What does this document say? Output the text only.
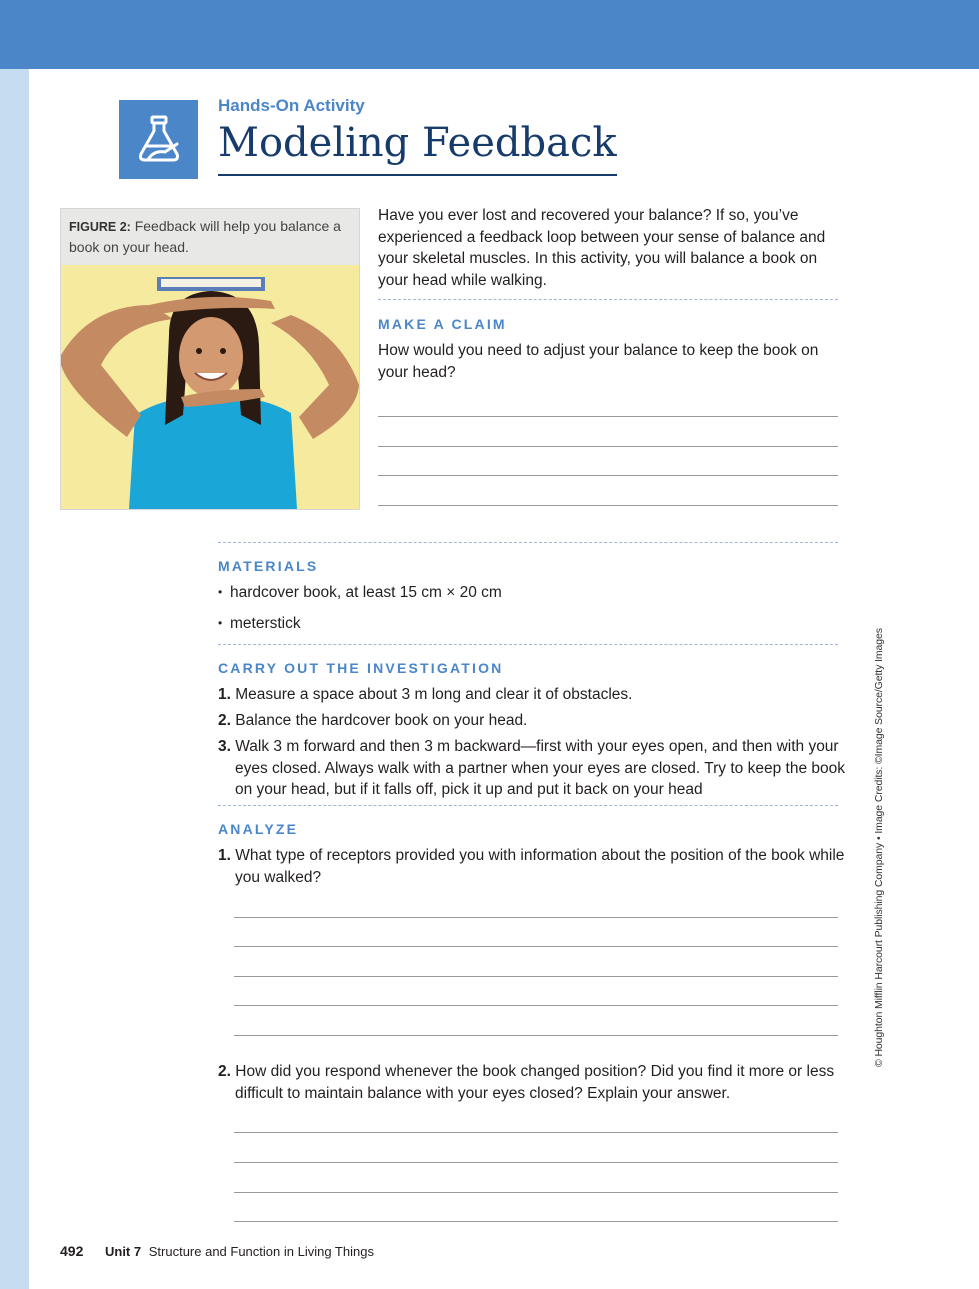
Hands-On Activity
Modeling Feedback
FIGURE 2: Feedback will help you balance a book on your head.
Have you ever lost and recovered your balance? If so, you’ve experienced a feedback loop between your sense of balance and your skeletal muscles. In this activity, you will balance a book on your head while walking.
MAKE A CLAIM
How would you need to adjust your balance to keep the book on your head?
MATERIALS
• hardcover book, at least 15 cm × 20 cm
• meterstick
CARRY OUT THE INVESTIGATION
1. Measure a space about 3 m long and clear it of obstacles.
2. Balance the hardcover book on your head.
3. Walk 3 m forward and then 3 m backward—first with your eyes open, and then with your eyes closed. Always walk with a partner when your eyes are closed. Try to keep the book on your head, but if it falls off, pick it up and put it back on your head
ANALYZE
1. What type of receptors provided you with information about the position of the book while you walked?
2. How did you respond whenever the book changed position? Did you find it more or less difficult to maintain balance with your eyes closed? Explain your answer.
© Houghton Mifflin Harcourt Publishing Company • Image Credits: ©Image Source/Getty Images
492 Unit 7 Structure and Function in Living Things
